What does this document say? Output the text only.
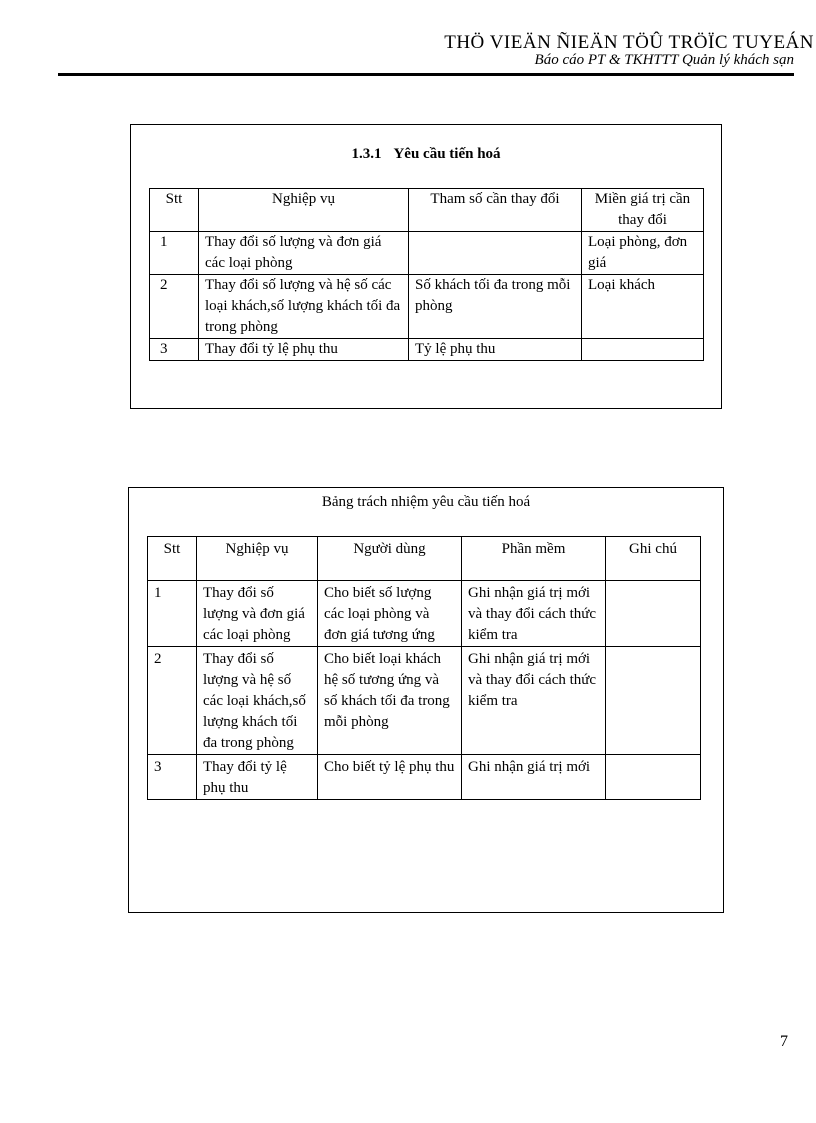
THÖ VIEÄN ÑIEÄN TÖÛ TRÖÏC TUYEÁN
Báo cáo PT & TKHTTT Quản lý khách sạn
1.3.1 Yêu cầu tiến hoá
Stt	Nghiệp vụ	Tham số cần thay đổi	Miền giá trị cần thay đổi
1	Thay đổi số lượng và đơn giá các loại phòng		Loại phòng, đơn giá
2	Thay đổi số lượng và hệ số các loại khách,số lượng khách tối đa trong phòng	Số khách tối đa trong mỗi phòng	Loại khách
3	Thay đổi tỷ lệ phụ thu	Tỷ lệ phụ thu	
Bảng trách nhiệm yêu cầu tiến hoá
Stt	Nghiệp vụ	Người dùng	Phần mềm	Ghi chú
1	Thay đổi số lượng và đơn giá các loại phòng	Cho biết số lượng các loại phòng và đơn giá tương ứng	Ghi nhận giá trị mới và thay đổi cách thức kiểm tra	
2	Thay đổi số lượng và hệ số các loại khách,số lượng khách tối đa trong phòng	Cho biết loại khách hệ số tương ứng và số khách tối đa trong mỗi phòng	Ghi nhận giá trị mới và thay đổi cách thức kiểm tra	
3	Thay đổi tỷ lệ phụ thu	Cho biết tỷ lệ phụ thu	Ghi nhận giá trị mới	
7
